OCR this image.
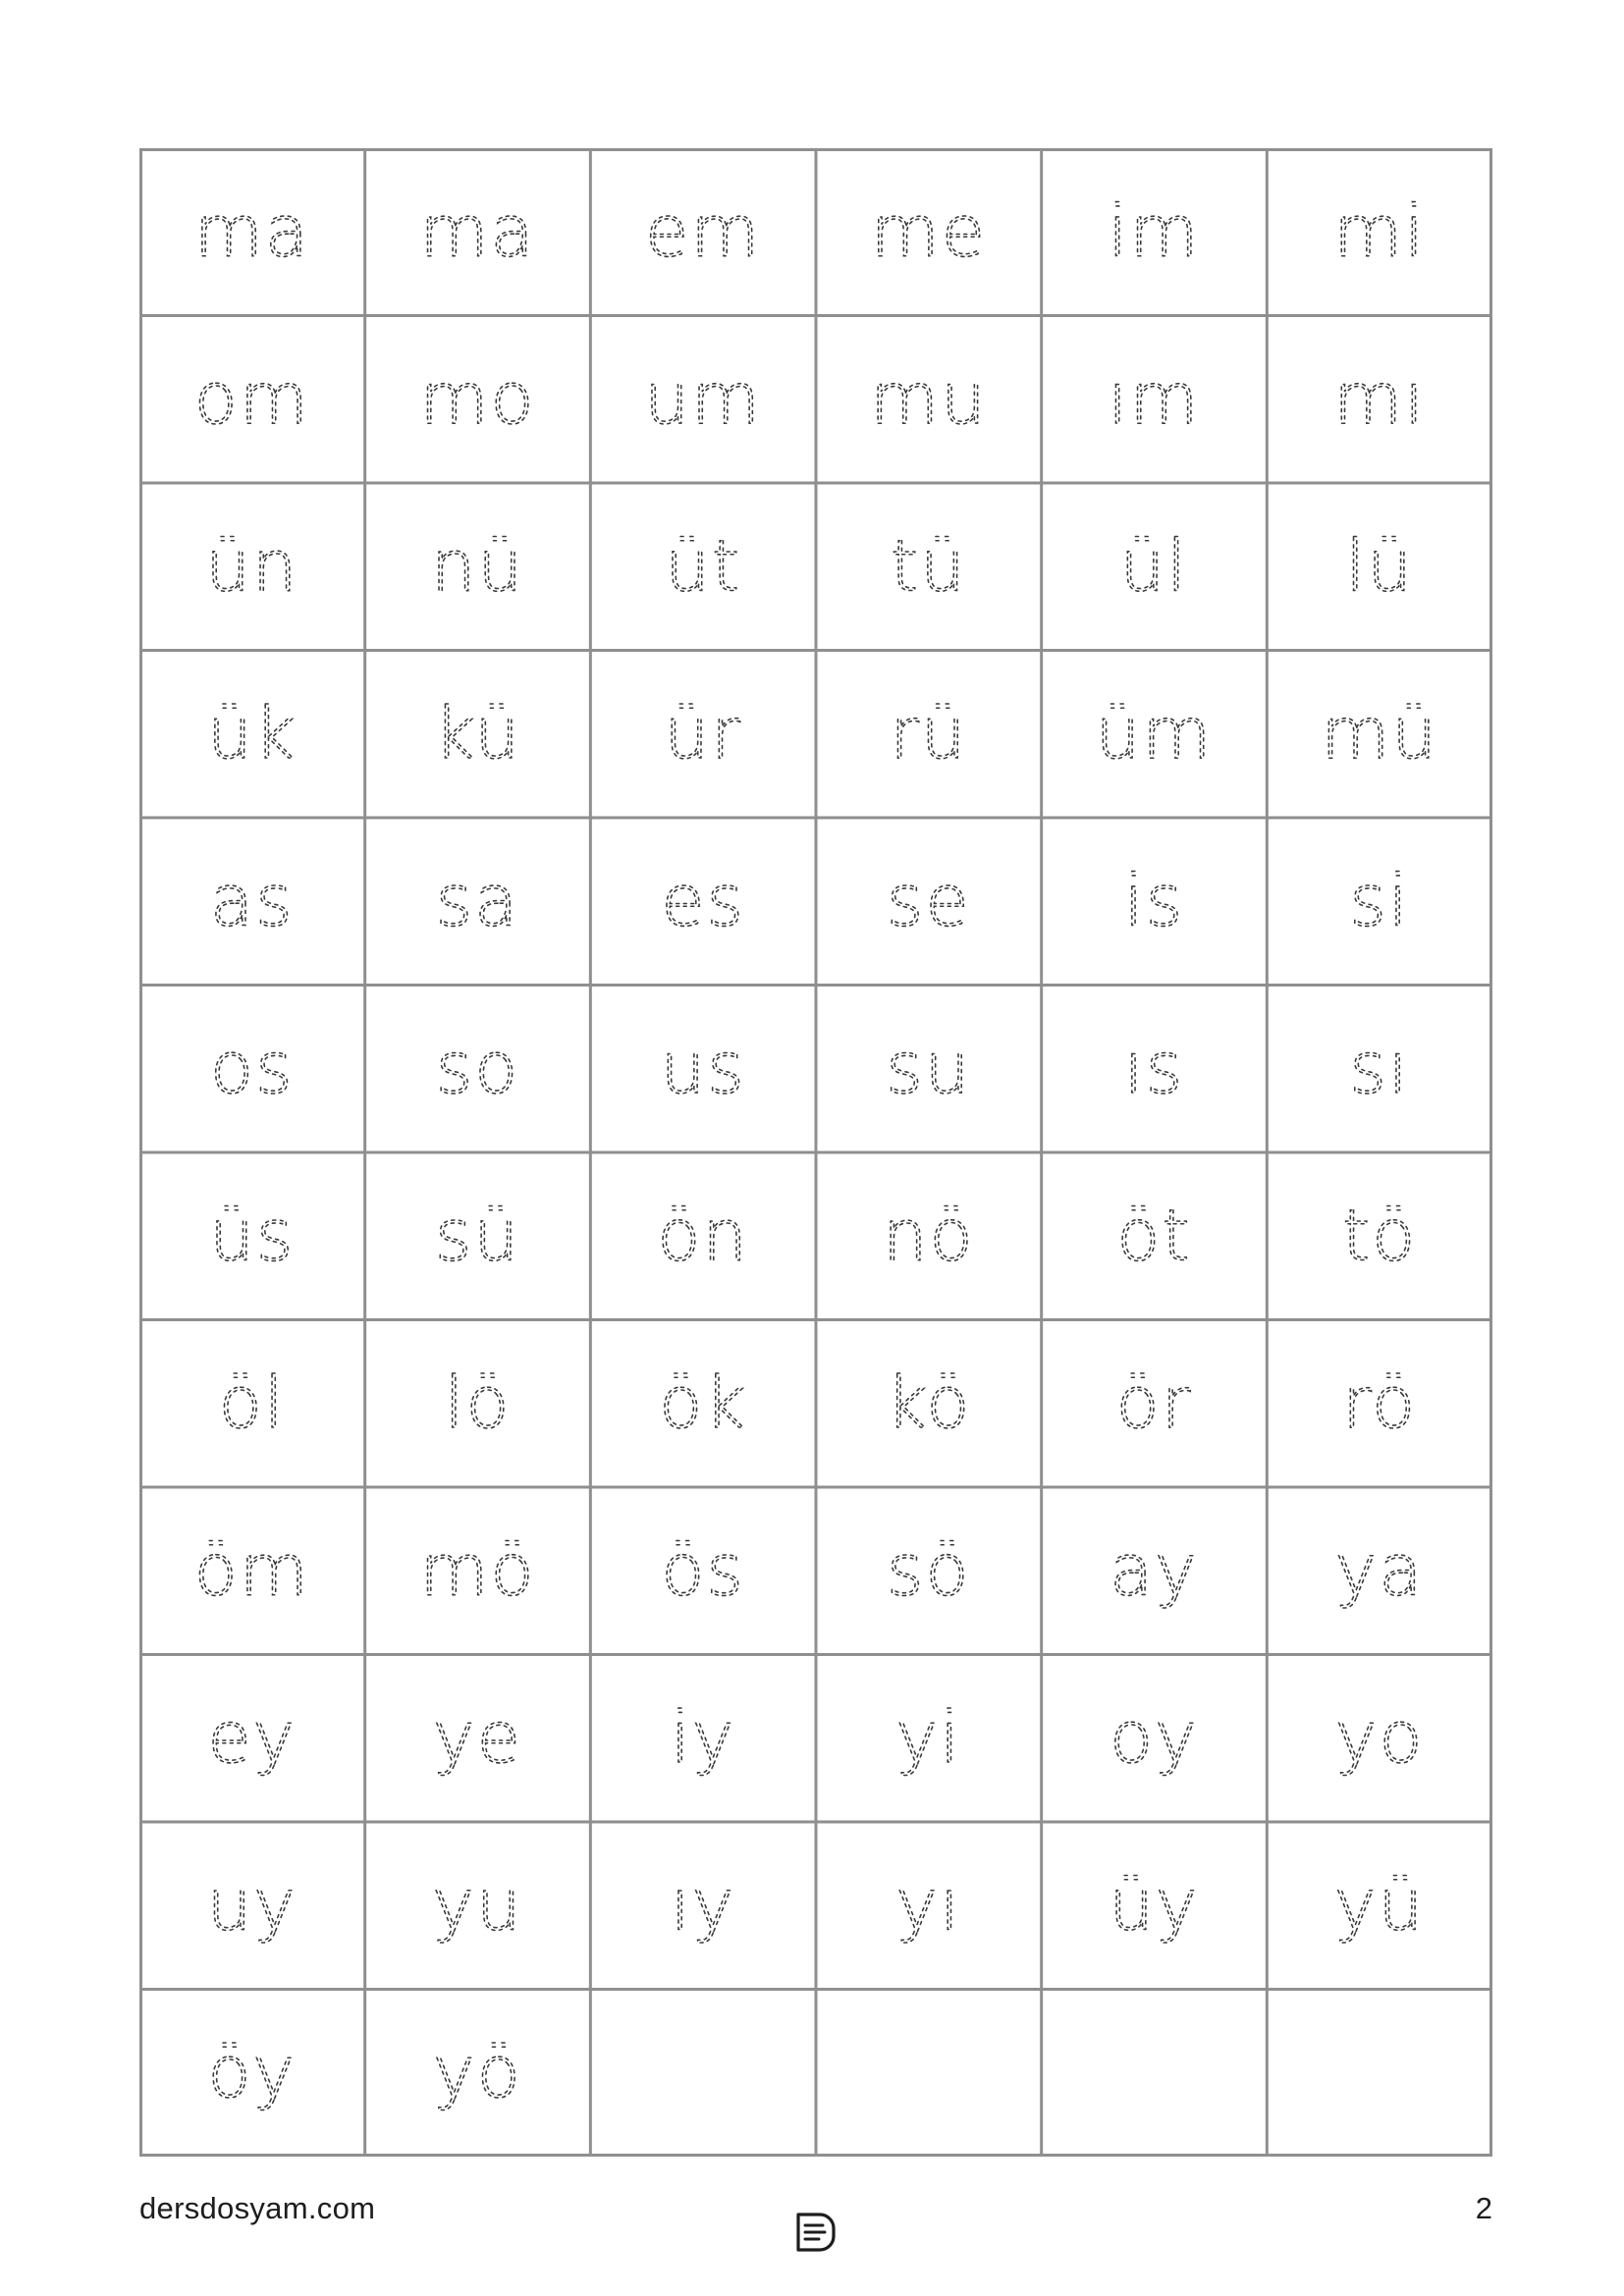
ma ma em me im mi
om mo um mu ım mı
ün nü üt tü ül lü
ük kü ür rü üm mü
as sa es se is si
os so us su ıs sı
üs sü ön nö öt tö
öl lö ök kö ör rö
öm mö ös sö ay ya
ey ye iy yi oy yo
uy yu ıy yı üy yü
öy yö
dersdosyam.com	2
